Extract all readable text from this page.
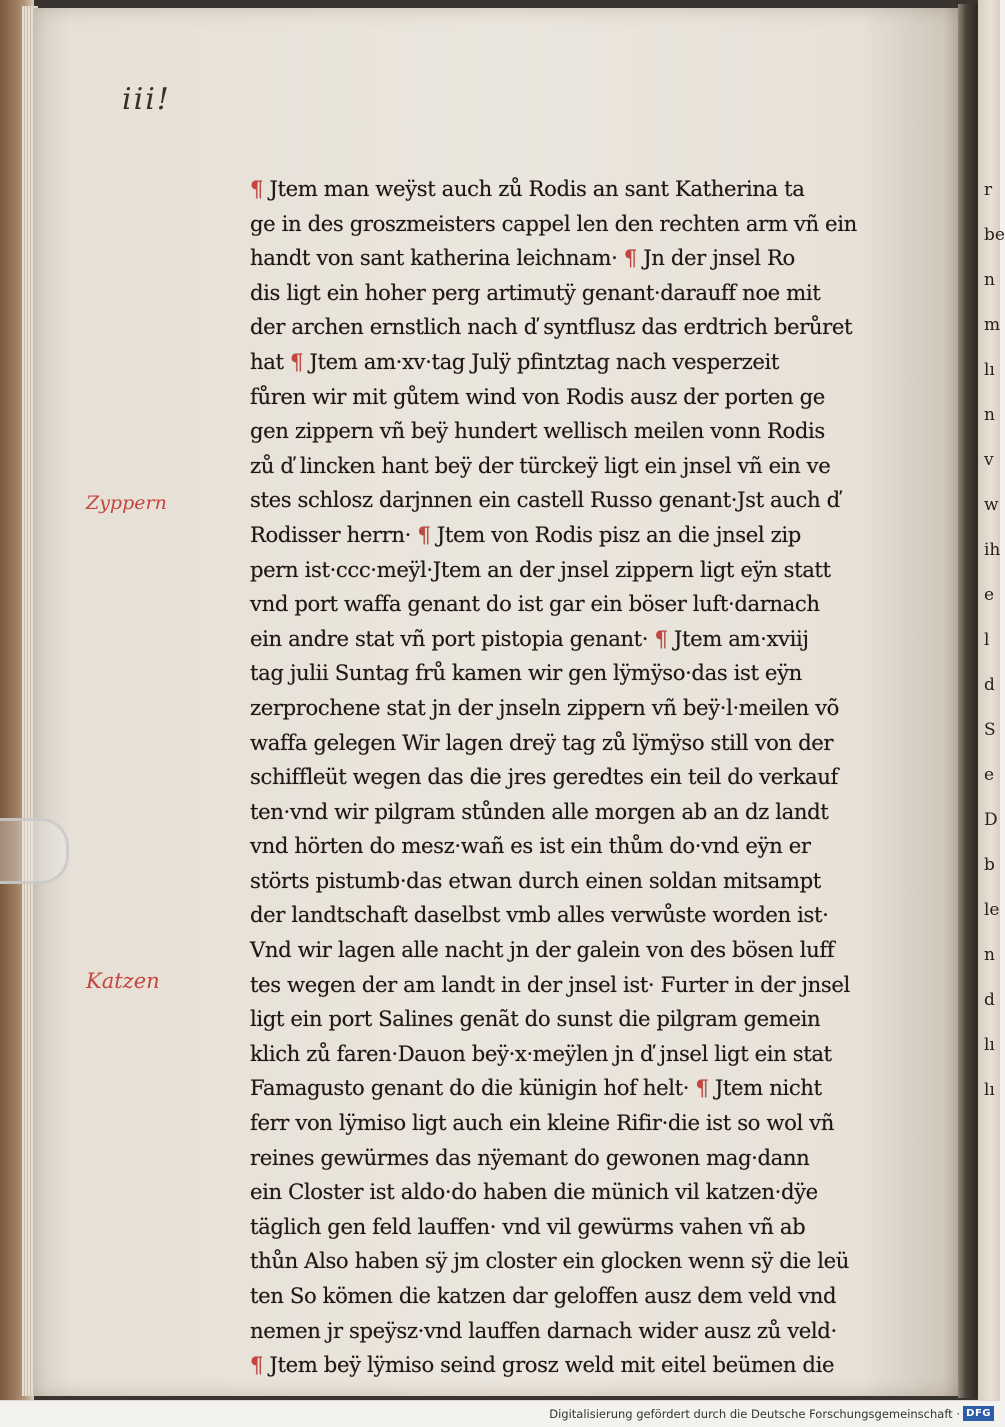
r
be
n
m
lı
n
v
w
ih
e
l
d
S
e
D
b
le
n
d
lı
lı
iii!
Zyppern
Katzen
¶ Jtem man weÿst auch zů Rodis an sant Katherina ta
ge in des groszmeisters cappel len den rechten arm vñ ein
handt von sant katherina leichnam· ¶ Jn der jnsel Ro
dis ligt ein hoher perg artimutÿ genant·darauff noe mit
der archen ernstlich nach ď syntflusz das erdtrich berůret
hat ¶ Jtem am·xv·tag Julÿ pfintztag nach vesperzeit
fůren wir mit gůtem wind von Rodis ausz der porten ge
gen zippern vñ beÿ hundert wellisch meilen vonn Rodis
zů ď lincken hant beÿ der türckeÿ ligt ein jnsel vñ ein ve
stes schlosz darjnnen ein castell Russo genant·Jst auch ď
Rodisser herrn· ¶ Jtem von Rodis pisz an die jnsel zip
pern ist·ccc·meÿl·Jtem an der jnsel zippern ligt eÿn statt
vnd port waffa genant do ist gar ein böser luft·darnach
ein andre stat vñ port pistopia genant· ¶ Jtem am·xviij
tag julii Suntag frů kamen wir gen lÿmÿso·das ist eÿn
zerprochene stat jn der jnseln zippern vñ beÿ·l·meilen võ
waffa gelegen Wir lagen dreÿ tag zů lÿmÿso still von der
schiffleüt wegen das die jres geredtes ein teil do verkauf
ten·vnd wir pilgram stůnden alle morgen ab an dz landt
vnd hörten do mesz·wañ es ist ein thům do·vnd eÿn er
störts pistumb·das etwan durch einen soldan mitsampt
der landtschaft daselbst vmb alles verwůste worden ist·
Vnd wir lagen alle nacht jn der galein von des bösen luff
tes wegen der am landt in der jnsel ist· Furter in der jnsel
ligt ein port Salines genãt do sunst die pilgram gemein
klich zů faren·Dauon beÿ·x·meÿlen jn ď jnsel ligt ein stat
Famagusto genant do die künigin hof helt· ¶ Jtem nicht
ferr von lÿmiso ligt auch ein kleine Rifir·die ist so wol vñ
reines gewürmes das nÿemant do gewonen mag·dann
ein Closter ist aldo·do haben die münich vil katzen·dÿe
täglich gen feld lauffen· vnd vil gewürms vahen vñ ab
thůn Also haben sÿ jm closter ein glocken wenn sÿ die leü
ten So kömen die katzen dar geloffen ausz dem veld vnd
nemen jr speÿsz·vnd lauffen darnach wider ausz zů veld·
¶ Jtem beÿ lÿmiso seind grosz weld mit eitel beümen die
Digitalisierung gefördert durch die Deutsche Forschungsgemeinschaft · DFG
